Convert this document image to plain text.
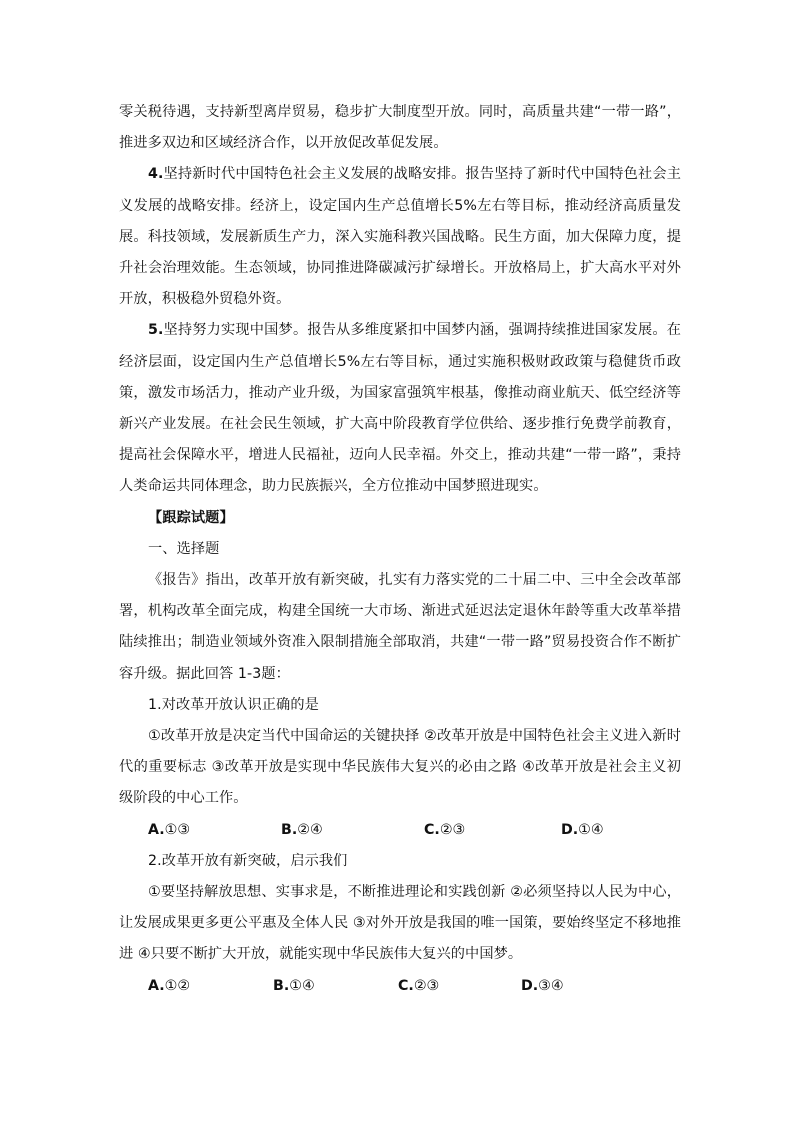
零关税待遇，支持新型离岸贸易，稳步扩大制度型开放。同时，高质量共建“一带一路”，推进多双边和区域经济合作，以开放促改革促发展。

4.坚持新时代中国特色社会主义发展的战略安排。报告坚持了新时代中国特色社会主义发展的战略安排。经济上，设定国内生产总值增长5%左右等目标，推动经济高质量发展。科技领域，发展新质生产力，深入实施科教兴国战略。民生方面，加大保障力度，提升社会治理效能。生态领域，协同推进降碳减污扩绿增长。开放格局上，扩大高水平对外开放，积极稳外贸稳外资。

5.坚持努力实现中国梦。报告从多维度紧扣中国梦内涵，强调持续推进国家发展。在经济层面，设定国内生产总值增长5%左右等目标，通过实施积极财政政策与稳健货币政策，激发市场活力，推动产业升级，为国家富强筑牢根基，像推动商业航天、低空经济等新兴产业发展。在社会民生领域，扩大高中阶段教育学位供给、逐步推行免费学前教育，提高社会保障水平，增进人民福祉，迈向人民幸福。外交上，推动共建“一带一路”，秉持人类命运共同体理念，助力民族振兴，全方位推动中国梦照进现实。

【跟踪试题】

一、选择题

《报告》指出，改革开放有新突破，扎实有力落实党的二十届二中、三中全会改革部署，机构改革全面完成，构建全国统一大市场、渐进式延迟法定退休年龄等重大改革举措陆续推出；制造业领域外资准入限制措施全部取消，共建“一带一路”贸易投资合作不断扩容升级。据此回答 1-3题：

1.对改革开放认识正确的是

①改革开放是决定当代中国命运的关键抉择 ②改革开放是中国特色社会主义进入新时代的重要标志 ③改革开放是实现中华民族伟大复兴的必由之路 ④改革开放是社会主义初级阶段的中心工作。

A.①③	B.②④	C.②③	D.①④

2.改革开放有新突破，启示我们

①要坚持解放思想、实事求是，不断推进理论和实践创新 ②必须坚持以人民为中心，让发展成果更多更公平惠及全体人民 ③对外开放是我国的唯一国策，要始终坚定不移地推进 ④只要不断扩大开放，就能实现中华民族伟大复兴的中国梦。

A.①②	B.①④	C.②③	D.③④
